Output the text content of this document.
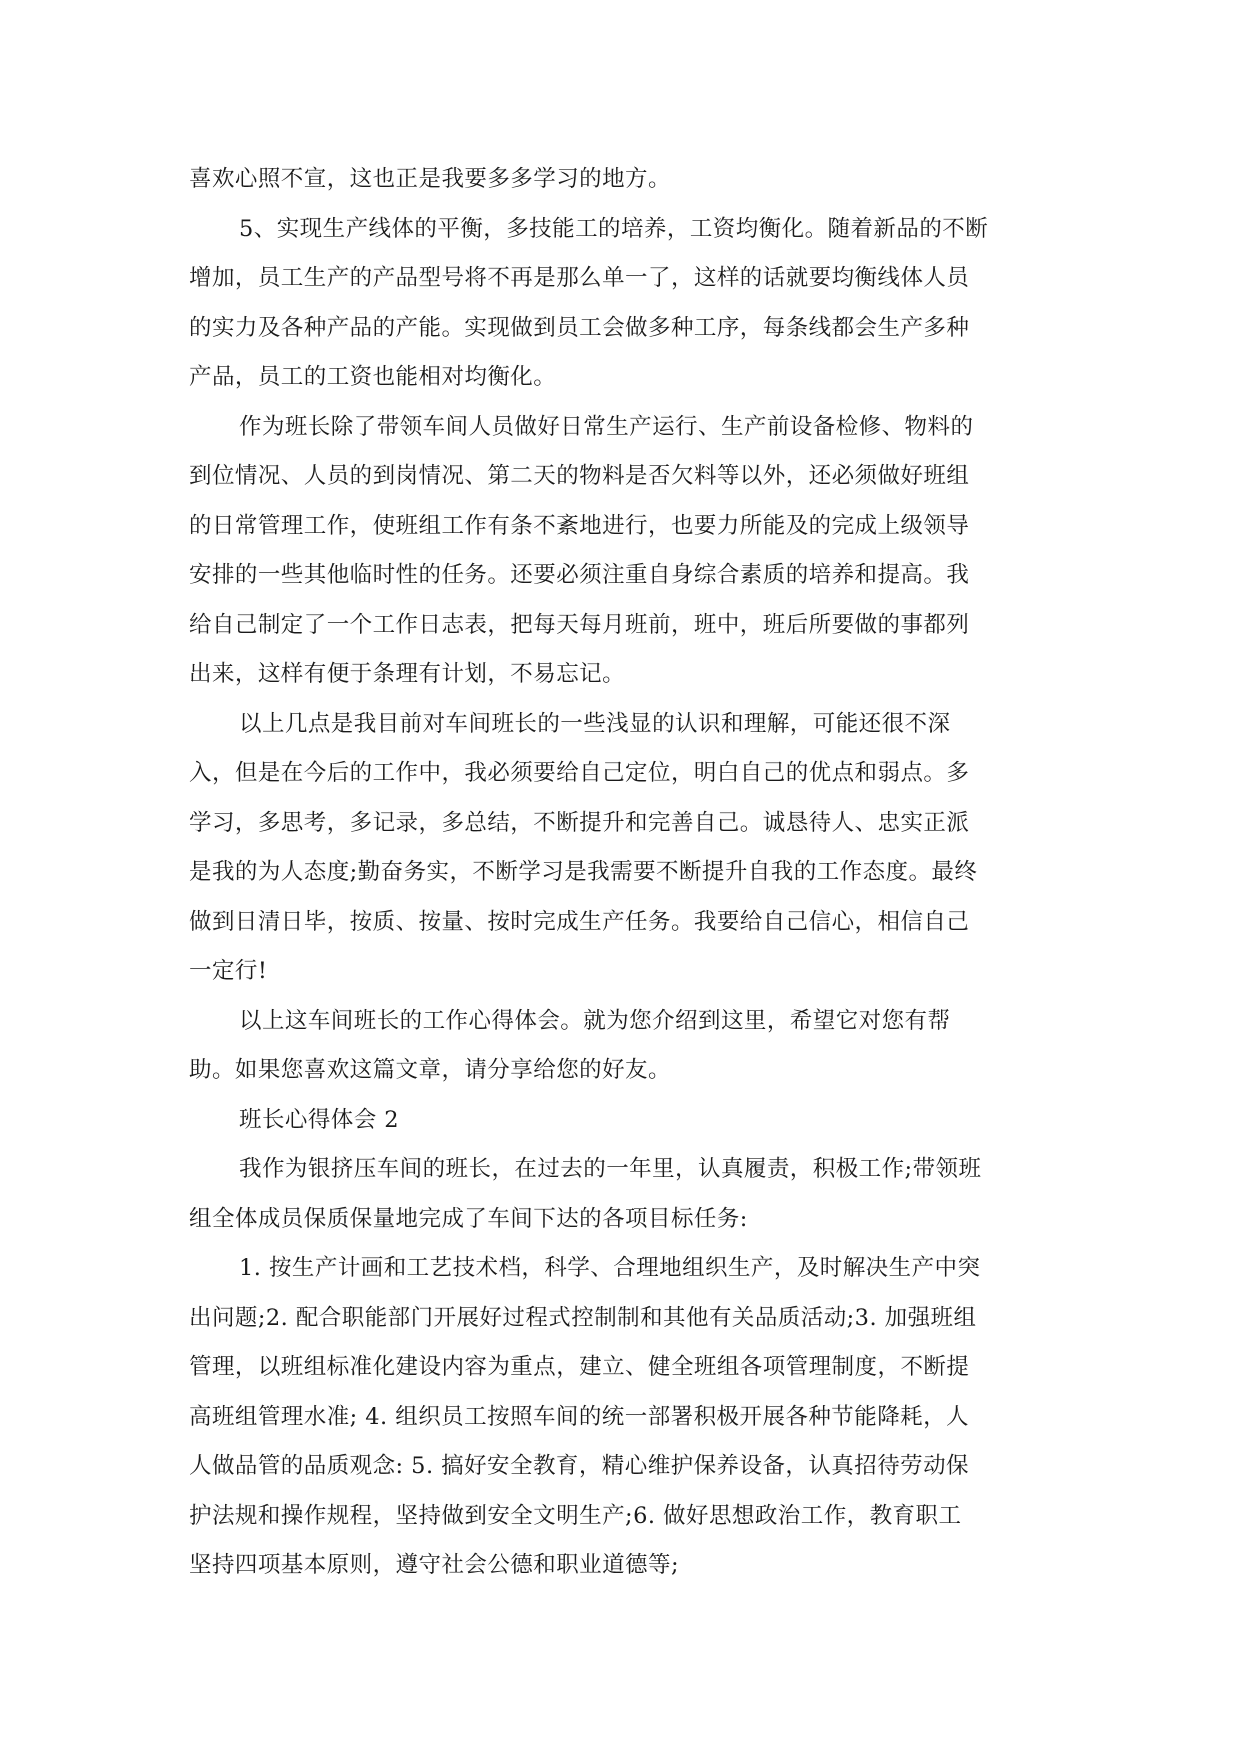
喜欢心照不宣，这也正是我要多多学习的地方。
5、实现生产线体的平衡，多技能工的培养，工资均衡化。随着新品的不断
增加，员工生产的产品型号将不再是那么单一了，这样的话就要均衡线体人员
的实力及各种产品的产能。实现做到员工会做多种工序，每条线都会生产多种
产品，员工的工资也能相对均衡化。
作为班长除了带领车间人员做好日常生产运行、生产前设备检修、物料的
到位情况、人员的到岗情况、第二天的物料是否欠料等以外，还必须做好班组
的日常管理工作，使班组工作有条不紊地进行，也要力所能及的完成上级领导
安排的一些其他临时性的任务。还要必须注重自身综合素质的培养和提高。我
给自己制定了一个工作日志表，把每天每月班前，班中，班后所要做的事都列
出来，这样有便于条理有计划，不易忘记。
以上几点是我目前对车间班长的一些浅显的认识和理解，可能还很不深
入，但是在今后的工作中，我必须要给自己定位，明白自己的优点和弱点。多
学习，多思考，多记录，多总结，不断提升和完善自己。诚恳待人、忠实正派
是我的为人态度;勤奋务实，不断学习是我需要不断提升自我的工作态度。最终
做到日清日毕，按质、按量、按时完成生产任务。我要给自己信心，相信自己
一定行!
以上这车间班长的工作心得体会。就为您介绍到这里，希望它对您有帮
助。如果您喜欢这篇文章，请分享给您的好友。
班长心得体会 2
我作为银挤压车间的班长，在过去的一年里，认真履责，积极工作;带领班
组全体成员保质保量地完成了车间下达的各项目标任务:
1. 按生产计画和工艺技术档，科学、合理地组织生产，及时解决生产中突
出问题;2. 配合职能部门开展好过程式控制制和其他有关品质活动;3. 加强班组
管理，以班组标准化建设内容为重点，建立、健全班组各项管理制度，不断提
高班组管理水准; 4. 组织员工按照车间的统一部署积极开展各种节能降耗，人
人做品管的品质观念: 5. 搞好安全教育，精心维护保养设备，认真招待劳动保
护法规和操作规程，坚持做到安全文明生产;6. 做好思想政治工作，教育职工
坚持四项基本原则，遵守社会公德和职业道德等;
